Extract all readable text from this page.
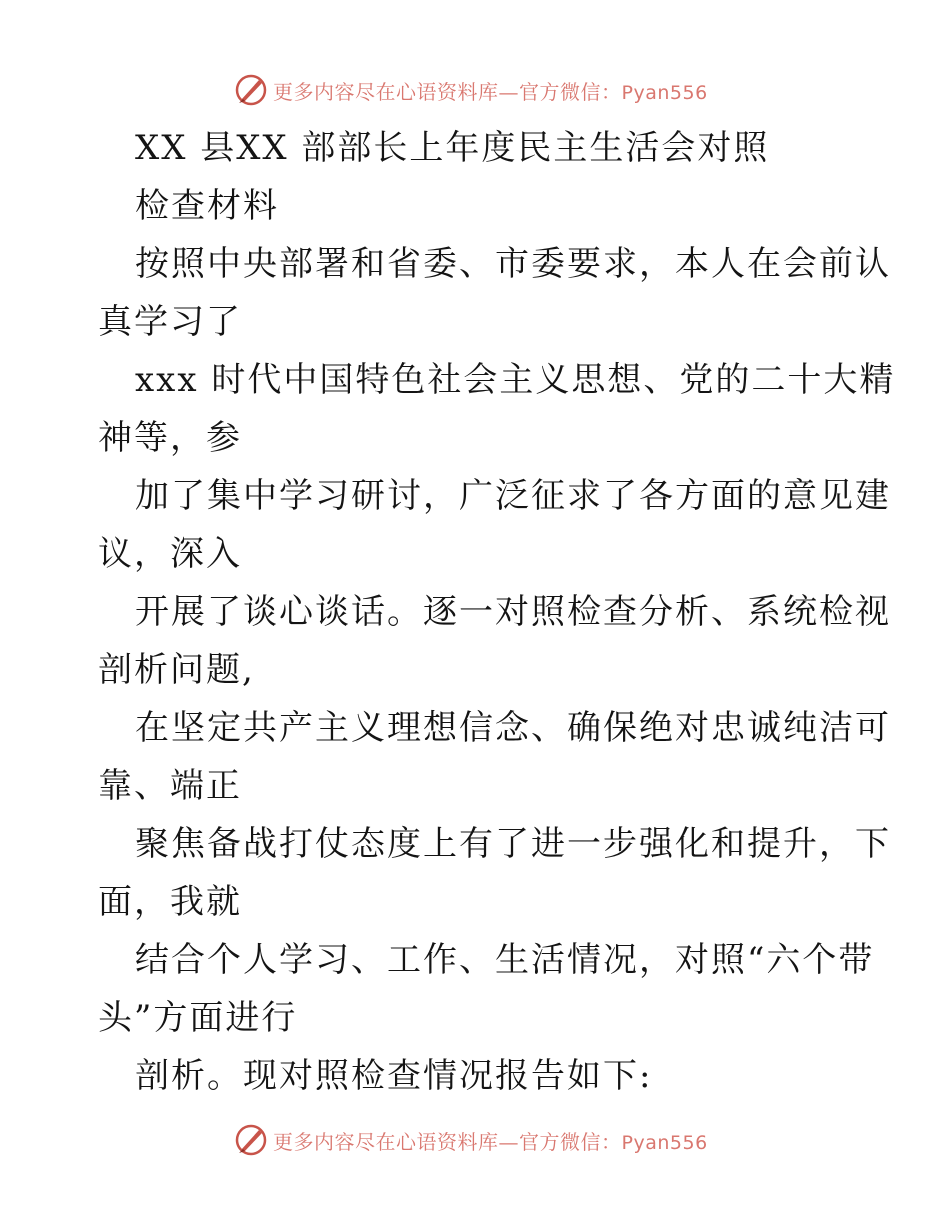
更多内容尽在心语资料库—官方微信：Pyan556
XX 县XX 部部长上年度民主生活会对照
检查材料
按照中央部署和省委、市委要求，本人在会前认
真学习了
xxx 时代中国特色社会主义思想、党的二十大精
神等，参
加了集中学习研讨，广泛征求了各方面的意见建
议，深入
开展了谈心谈话。逐一对照检查分析、系统检视
剖析问题,
在坚定共产主义理想信念、确保绝对忠诚纯洁可
靠、端正
聚焦备战打仗态度上有了进一步强化和提升，下
面，我就
结合个人学习、工作、生活情况，对照“六个带
头”方面进行
剖析。现对照检查情况报告如下:
更多内容尽在心语资料库—官方微信：Pyan556
